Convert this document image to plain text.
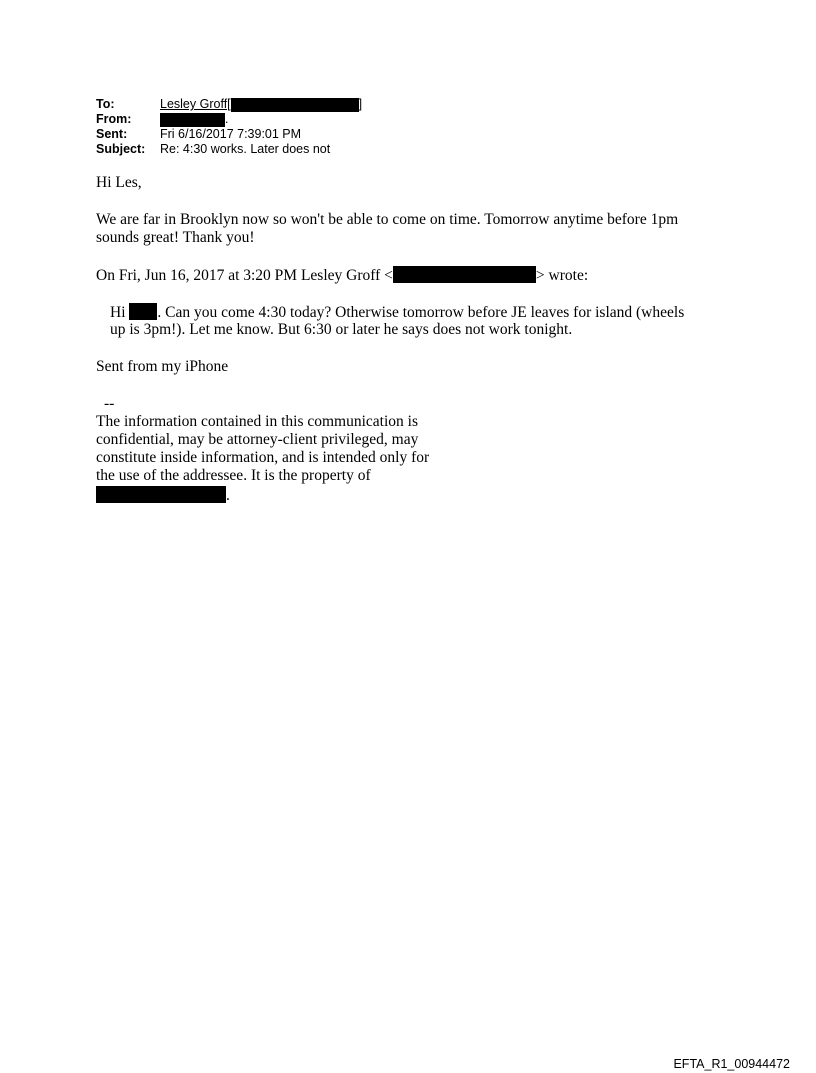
To:	Lesley Groff[	]
From:	.
Sent:	Fri 6/16/2017 7:39:01 PM
Subject:	Re: 4:30 works. Later does not
Hi Les,
We are far in Brooklyn now so won't be able to come on time. Tomorrow anytime before 1pm
sounds great! Thank you!
On Fri, Jun 16, 2017 at 3:20 PM Lesley Groff <	> wrote:
Hi . Can you come 4:30 today? Otherwise tomorrow before JE leaves for island (wheels
up is 3pm!). Let me know. But 6:30 or later he says does not work tonight.
Sent from my iPhone
--
The information contained in this communication is
confidential, may be attorney-client privileged, may
constitute inside information, and is intended only for
the use of the addressee. It is the property of
.
EFTA_R1_00944472
